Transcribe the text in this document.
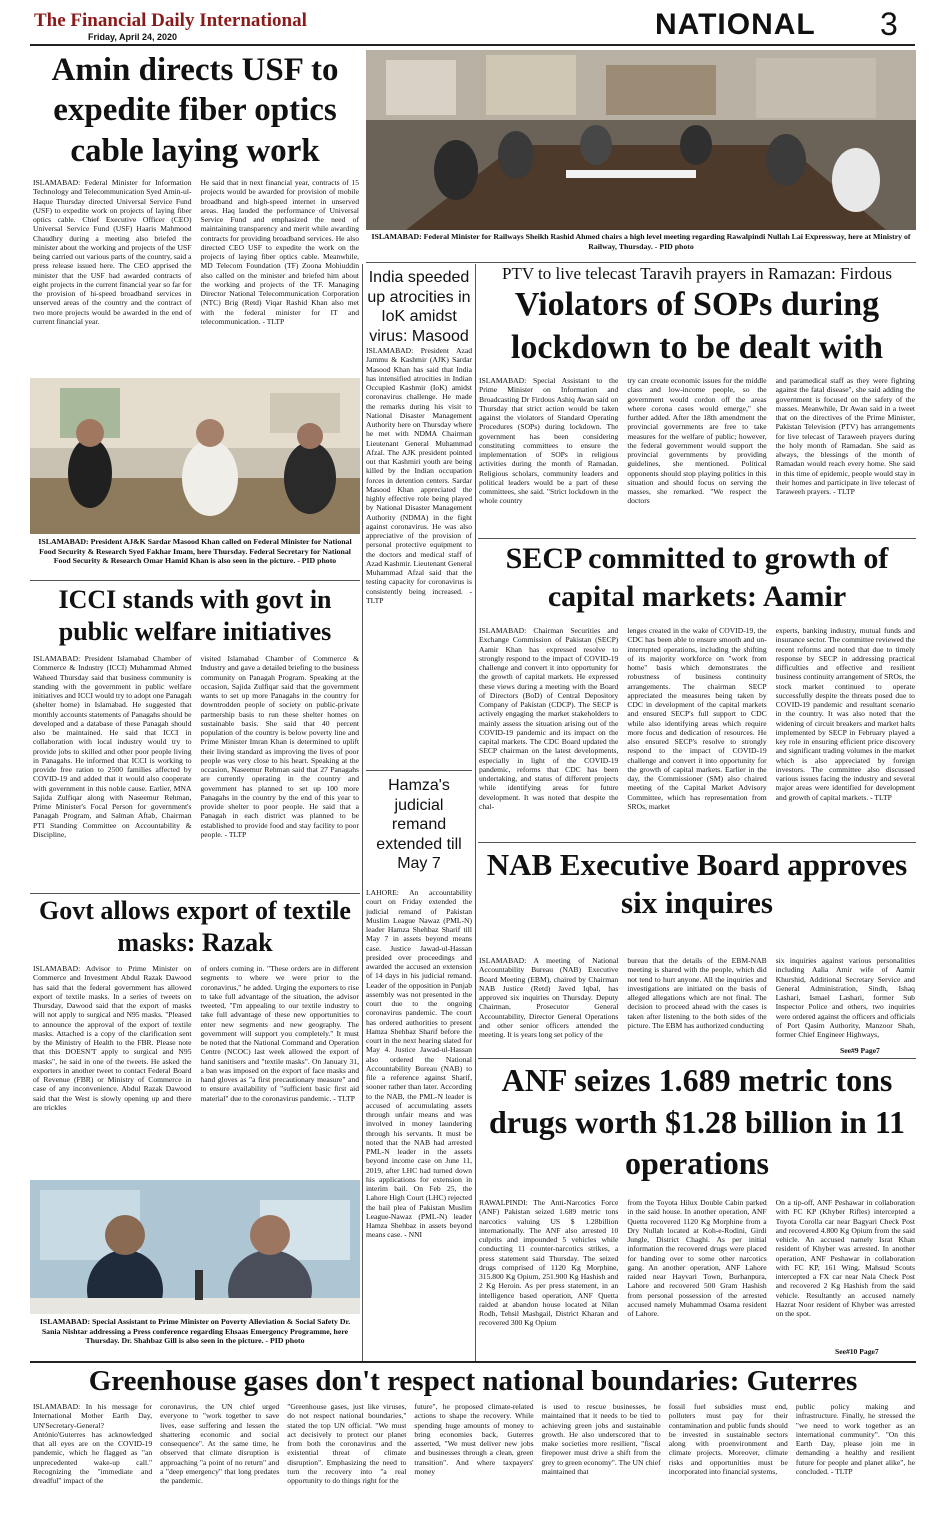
The Financial Daily International
Friday, April 24, 2020	NATIONAL 3
Amin directs USF to expedite fiber optics cable laying work
ISLAMABAD: Federal Minister for Information Technology and Telecommunication Syed Amin-ul-Haque Thursday directed Universal Service Fund (USF) to expedite work on projects of laying fiber optics cable. Chief Executive Officer (CEO) Universal Service Fund (USF) Haaris Mahmood Chaudhry during a meeting also briefed the minister about the working and projects of the USF being carried out various parts of the country, said a press release issued here. The CEO apprised the minister that the USF had awarded contracts of eight projects in the current financial year so far for the provision of hi-speed broadband services in unserved areas of the country and the contract of two more projects would be awarded in the end of current financial year.
He said that in next financial year, contracts of 15 projects would be awarded for provision of mobile broadband and high-speed internet in unserved areas. Haq lauded the performance of Universal Service Fund and emphasized the need of maintaining transparency and merit while awarding contracts for providing broadband services. He also directed CEO USF to expedite the work on the projects of laying fiber optics cable. Meanwhile, MD Telecom Foundation (TF) Zoona Mohiuddin also called on the minister and briefed him about the working and projects of the TF. Managing Director National Telecommunication Corporation (NTC) Brig (Retd) Viqar Rashid Khan also met with the federal minister for IT and telecommunication. - TLTP
ISLAMABAD: Federal Minister for Railways Sheikh Rashid Ahmed chairs a high level meeting regarding Rawalpindi Nullah Lai Expressway, here at Ministry of Railway, Thursday. - PID photo
ISLAMABAD: President AJ&K Sardar Masood Khan called on Federal Minister for National Food Security & Research Syed Fakhar Imam, here Thursday. Federal Secretary for National Food Security & Research Omar Hamid Khan is also seen in the picture. - PID photo
ICCI stands with govt in public welfare initiatives
ISLAMABAD: President Islamabad Chamber of Commerce & Industry (ICCI) Muhammad Ahmed Waheed Thursday said that business community is standing with the government in public welfare initiatives and ICCI would try to adopt one Panagah (shelter home) in Islamabad. He suggested that monthly accounts statements of Panagahs should be developed and a database of these Panagah should also be maintained. He said that ICCI in collaboration with local industry would try to provide jobs to skilled and other poor people living in Panagahs. He informed that ICCI is working to provide free ration to 2500 families affected by COVID-19 and added that it would also cooperate with government in this noble cause. Earlier, MNA Sajida Zulfiqar along with Naseemur Rehman, Prime Minister's Focal Person for government's Panagah Program, and Salman Aftab, Chairman PTI Standing Committee on Accountability & Discipline,
visited Islamabad Chamber of Commerce & Industry and gave a detailed briefing to the business community on Panagah Program. Speaking at the occasion, Sajida Zulfiqar said that the government wants to set up more Panagahs in the country for downtrodden people of society on public-private partnership basis to run these shelter homes on sustainable basis. She said that 40 percent population of the country is below poverty line and Prime Minister Imran Khan is determined to uplift their living standard as improving the lives of poor people was very close to his heart. Speaking at the occasion, Naseemur Rehman said that 27 Panagahs are currently operating in the country and government has planned to set up 100 more Panagahs in the country by the end of this year to provide shelter to poor people. He said that a Panagah in each district was planned to be established to provide food and stay facility to poor people. - TLTP
Govt allows export of textile masks: Razak
ISLAMABAD: Advisor to Prime Minister on Commerce and Investment Abdul Razak Dawood has said that the federal government has allowed export of textile masks. In a series of tweets on Thursday, Dawood said that the export of masks will not apply to surgical and N95 masks. "Pleased to announce the approval of the export of textile masks. Attached is a copy of the clarification sent by the Ministry of Health to the FBR. Please note that this DOESN'T apply to surgical and N95 masks", he said in one of the tweets. He asked the exporters in another tweet to contact Federal Board of Revenue (FBR) or Ministry of Commerce in case of any inconvenience. Abdul Razak Dawood said that the West is slowly opening up and there are trickles
of orders coming in. "These orders are in different segments to where we were prior to the coronavirus," he added. Urging the exporters to rise to take full advantage of the situation, the advisor tweeted, "I'm appealing to our textile industry to take full advantage of these new opportunities to enter new segments and new geography. The government will support you completely." It must be noted that the National Command and Operation Centre (NCOC) last week allowed the export of hand sanitisers and "textile masks". On January 31, a ban was imposed on the export of face masks and hand gloves as "a first precautionary measure" and to ensure availability of "sufficient basic first aid material" due to the coronavirus pandemic. - TLTP
ISLAMABAD: Special Assistant to Prime Minister on Poverty Alleviation & Social Safety Dr. Sania Nishtar addressing a Press conference regarding Ehsaas Emergency Programme, here Thursday. Dr. Shahbaz Gill is also seen in the picture. - PID photo
India speeded up atrocities in IoK amidst virus: Masood
ISLAMABAD: President Azad Jammu & Kashmir (AJK) Sardar Masood Khan has said that India has intensified atrocities in Indian Occupied Kashmir (IoK) amidst coronavirus challenge. He made the remarks during his visit to National Disaster Management Authority here on Thursday where he met with NDMA Chairman Lieutenant General Muhammad Afzal. The AJK president pointed out that Kashmiri youth are being killed by the Indian occupation forces in detention centers. Sardar Masood Khan appreciated the highly effective role being played by National Disaster Management Authority (NDMA) in the fight against coronavirus. He was also appreciative of the provision of personal protective equipment to the doctors and medical staff of Azad Kashmir. Lieutenant General Muhammad Afzal said that the testing capacity for coronavirus is consistently being increased. - TLTP
Hamza's judicial remand extended till May 7
LAHORE: An accountability court on Friday extended the judicial remand of Pakistan Muslim League Nawaz (PML-N) leader Hamza Shehbaz Sharif till May 7 in assets beyond means case. Justice Jawad-ul-Hassan presided over proceedings and awarded the accused an extension of 14 days in his judicial remand. Leader of the opposition in Punjab assembly was not presented in the court due to the ongoing coronavirus pandemic. The court has ordered authorities to present Hamza Shehbaz Sharif before the court in the next hearing slated for May 4. Justice Jawad-ul-Hassan also ordered the National Accountability Bureau (NAB) to file a reference against Sharif, sooner rather than later. According to the NAB, the PML-N leader is accused of accumulating assets through unfair means and was involved in money laundering through his servants. It must be noted that the NAB had arrested PML-N leader in the assets beyond income case on June 11, 2019, after LHC had turned down his applications for extension in interim bail. On Feb 25, the Lahore High Court (LHC) rejected the bail plea of Pakistan Muslim League-Nawaz (PML-N) leader Hamza Shehbaz in assets beyond means case. - NNI
PTV to live telecast Taravih prayers in Ramazan: Firdous
Violators of SOPs during lockdown to be dealt with
ISLAMABAD: Special Assistant to the Prime Minister on Information and Broadcasting Dr Firdous Ashiq Awan said on Thursday that strict action would be taken against the violators of Standard Operating Procedures (SOPs) during lockdown. The government has been considering constituting committees to ensure the implementation of SOPs in religious activities during the month of Ramadan. Religious scholars, community leaders and political leaders would be a part of these committees, she said. "Strict lockdown in the whole country
try can create economic issues for the middle class and low-income people, so the government would cordon off the areas where corona cases would emerge," she further added. After the 18th amendment the provincial governments are free to take measures for the welfare of public; however, the federal government would support the provincial governments by providing guidelines, she mentioned. Political opponents should stop playing politics in this situation and should focus on serving the masses, she remarked. "We respect the doctors
and paramedical staff as they were fighting against the fatal disease", she said adding the government is focused on the safety of the masses. Meanwhile, Dr Awan said in a tweet that on the directives of the Prime Minister, Pakistan Television (PTV) has arrangements for live telecast of Taraweeh prayers during the holy month of Ramadan. She said as always, the blessings of the month of Ramadan would reach every home. She said in this time of epidemic, people would stay in their homes and participate in live telecast of Taraweeh prayers. - TLTP
SECP committed to growth of capital markets: Aamir
ISLAMABAD: Chairman Securities and Exchange Commission of Pakistan (SECP) Aamir Khan has expressed resolve to strongly respond to the impact of COVID-19 challenge and convert it into opportunity for the growth of capital markets. He expressed these views during a meeting with the Board of Directors (BoD) of Central Depository Company of Pakistan (CDCP). The SECP is actively engaging the market stakeholders to mainly assess the situation arising out of the COVID-19 pandemic and its impact on the capital markets. The CDC Board updated the SECP chairman on the latest developments, especially in light of the COVID-19 pandemic, reforms that CDC has been undertaking, and status of different projects while identifying areas for future development. It was noted that despite the chal-
lenges created in the wake of COVID-19, the CDC has been able to ensure smooth and un-interrupted operations, including the shifting of its majority workforce on "work from home" basis which demonstrates the robustness of business continuity arrangements. The chairman SECP appreciated the measures being taken by CDC in development of the capital markets and ensured SECP's full support to CDC while also identifying areas which require more focus and dedication of resources. He also ensured SECP's resolve to strongly respond to the impact of COVID-19 challenge and convert it into opportunity for the growth of capital markets. Earlier in the day, the Commissioner (SM) also chaired meeting of the Capital Market Advisory Committee, which has representation from SROs, market
experts, banking industry, mutual funds and insurance sector. The committee reviewed the recent reforms and noted that due to timely response by SECP in addressing practical difficulties and effective and resilient business continuity arrangement of SROs, the stock market continued to operate successfully despite the threats posed due to COVID-19 pandemic and resultant scenario in the country. It was also noted that the widening of circuit breakers and market halts implemented by SECP in February played a key role in ensuring efficient price discovery and significant trading volumes in the market which is also appreciated by foreign investors. The committee also discussed various issues facing the industry and several major areas were identified for development and growth of capital markets. - TLTP
NAB Executive Board approves six inquires
ISLAMABAD: A meeting of National Accountability Bureau (NAB) Executive Board Meeting (EBM), chaired by Chairman NAB Justice (Retd) Javed Iqbal, has approved six inquiries on Thursday. Deputy Chairman, Prosecutor General Accountability, Director General Operations and other senior officers attended the meeting. It is years long set policy of the
bureau that the details of the EBM-NAB meeting is shared with the people, which did not tend to hurt anyone. All the inquiries and investigations are initiated on the basis of alleged allegations which are not final. The decision to proceed ahead with the cases is taken after listening to the both sides of the picture. The EBM has authorized conducting
six inquiries against various personalities including Aalia Amir wife of Aamir Khurshid, Additional Secretary Service and General Administration, Sindh, Ishaq Lashari, Ismael Lashari, former Sub Inspector Police and others, two inquiries were ordered against the officers and officials of Port Qasim Authority, Manzoor Shah, former Chief Engineer Highways,
See#9 Page7
ANF seizes 1.689 metric tons drugs worth $1.28 billion in 11 operations
RAWALPINDI: The Anti-Narcotics Force (ANF) Pakistan seized 1.689 metric tons narcotics valuing US $ 1.28billion internationally. The ANF also arrested 10 culprits and impounded 5 vehicles while conducting 11 counter-narcotics strikes, a press statement said Thursday. The seized drugs comprised of 1120 Kg Morphine, 315.800 Kg Opium, 251.900 Kg Hashish and 2 Kg Heroin. As per press statement, in an intelligence based operation, ANF Quetta raided at abandon house located at Nilan Rodh, Tehsil Mashgail, District Kharan and recovered 300 Kg Opium
from the Toyota Hilux Double Cabin parked in the said house. In another operation, ANF Quetta recovered 1120 Kg Morphine from a Dry Nullah located at Koh-e-Rodini, Girdi Jungle, District Chaghi. As per initial information the recovered drugs were placed for handing over to some other narcotics gang. An another operation, ANF Lahore raided near Hayvari Town, Burhanpura, Lahore and recovered 500 Gram Hashish from personal possession of the arrested accused namely Muhammad Osama resident of Lahore.
On a tip-off, ANF Peshawar in collaboration with FC KP (Khyber Rifles) intercepted a Toyota Corolla car near Bagyari Check Post and recovered 4.800 Kg Opium from the said vehicle. An accused namely Israt Khan resident of Khyber was arrested. In another operation, ANF Peshawar in collaboration with FC KP, 161 Wing, Mahsud Scouts intercepted a FX car near Nala Check Post and recovered 2 Kg Hashish from the said vehicle. Resultantly an accused namely Hazrat Noor resident of Khyber was arrested on the spot.
See#10 Page7
Greenhouse gases don't respect national boundaries: Guterres
ISLAMABAD: In his message for International Mother Earth Day, UN'Secretary-General?António'Guterres has acknowledged that all eyes are on the COVID-19 pandemic, which he flagged as "an unprecedented wake-up call." Recognizing the "immediate and dreadful" impact of the
coronavirus, the UN chief urged everyone to "work together to save lives, ease suffering and lessen the shattering economic and social consequence". At the same time, he observed that climate disruption is approaching "a point of no return" and a "deep emergency" that long predates the pandemic.
"Greenhouse gases, just like viruses, do not respect national boundaries," stated the top UN official. "We must act decisively to protect our planet from both the coronavirus and the existential threat of climate disruption". Emphasizing the need to turn the recovery into "a real opportunity to do things right for the
future", he proposed climate-related actions to shape the recovery. While spending huge amounts of money to bring economies back, Guterres asserted, "We must deliver new jobs and businesses through a clean, green transition". And where taxpayers' money
is used to rescue businesses, he maintained that it needs to be tied to achieving green jobs and sustainable growth. He also underscored that to make societies more resilient, "fiscal firepower must drive a shift from the grey to green economy". The UN chief maintained that
fossil fuel subsidies must end, polluters must pay for their contamination and public funds should be invested in sustainable sectors along with proenvironment and climate projects. Moreover, climate risks and opportunities must be incorporated into financial systems,
public policy making and infrastructure. Finally, he stressed the "we need to work together as an international community". "On this Earth Day, please join me in demanding a healthy and resilient future for people and planet alike", he concluded. - TLTP
